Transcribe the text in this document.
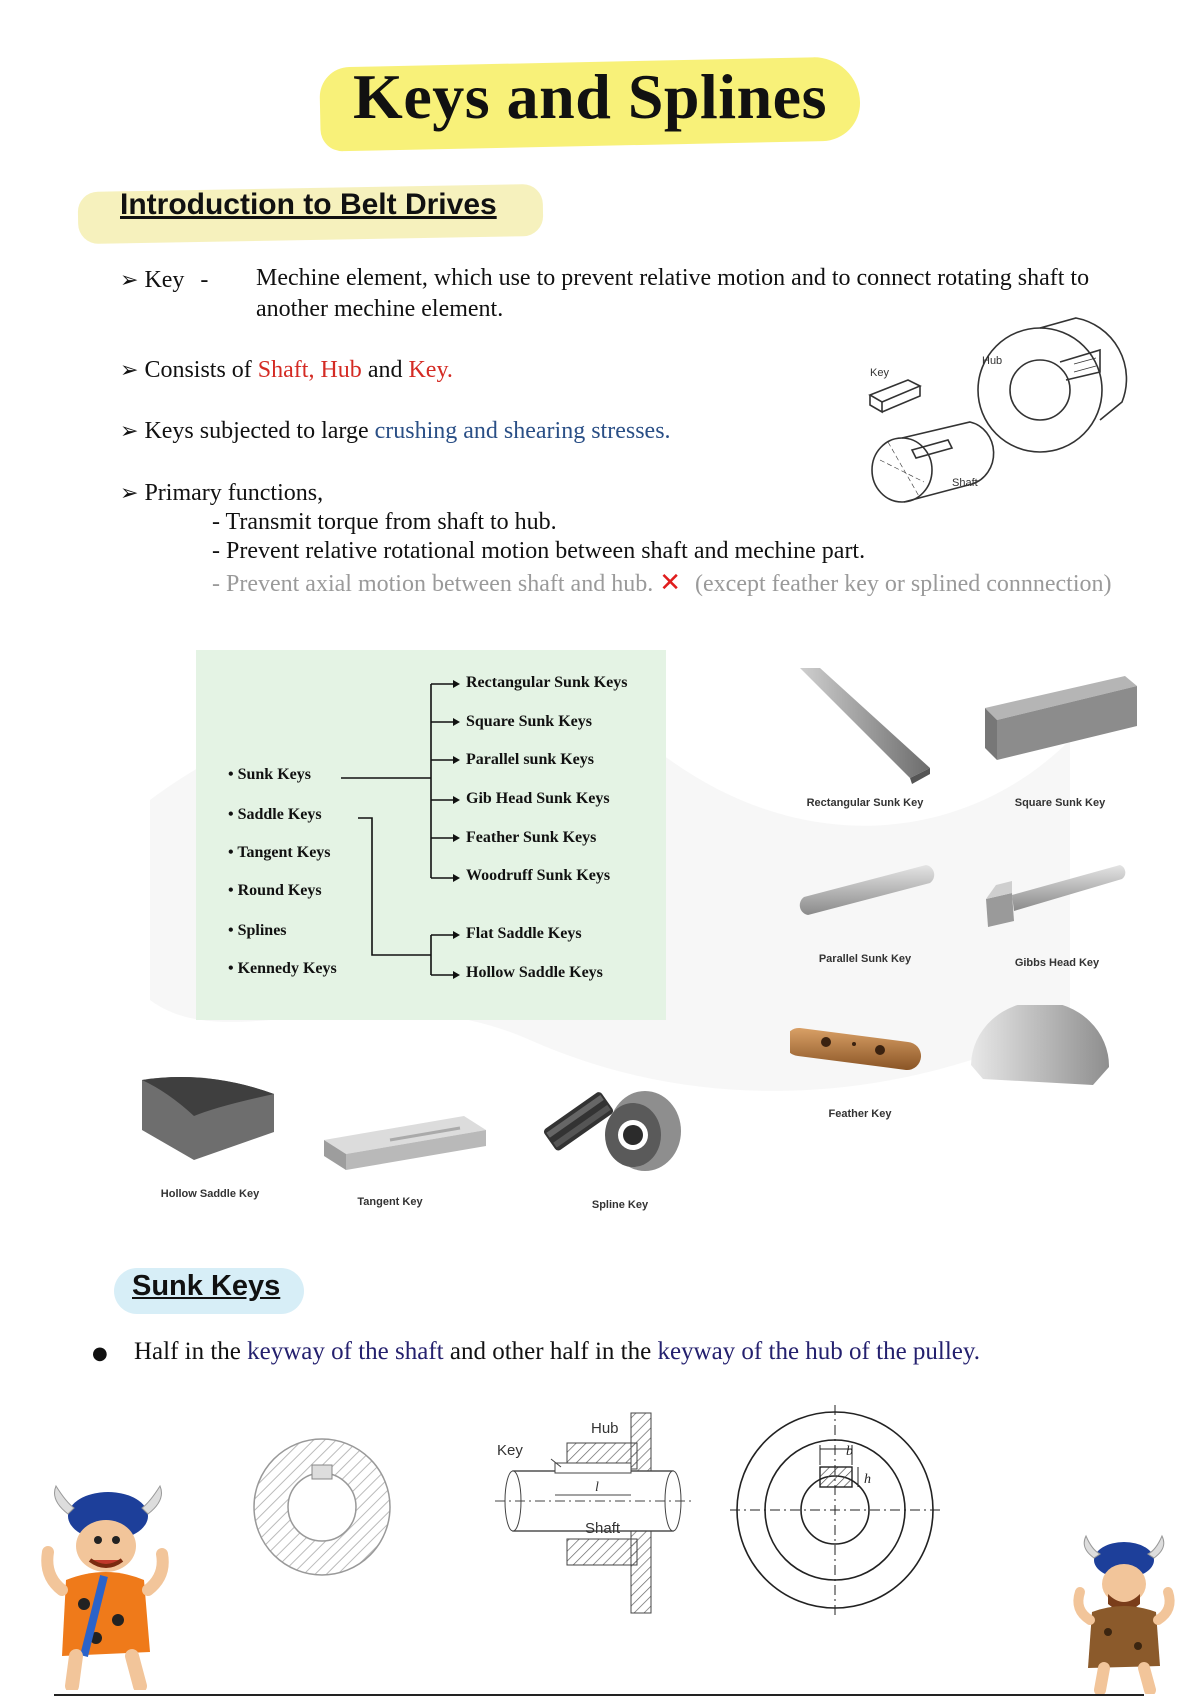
Keys and Splines
Introduction to Belt Drives
➢ Key - Mechine element, which use to prevent relative motion and to connect rotating shaft to
another mechine element.
➢ Consists of Shaft, Hub and Key.
➢ Keys subjected to large crushing and shearing stresses.
➢ Primary functions,
- Transmit torque from shaft to hub.
- Prevent relative rotational motion between shaft and mechine part.
- Prevent axial motion between shaft and hub. ✕ (except feather key or splined connnection)
Hub
Key
Shaft
• Sunk Keys
• Saddle Keys
• Tangent Keys
• Round Keys
• Splines
• Kennedy Keys
Rectangular Sunk Keys
Square Sunk Keys
Parallel sunk Keys
Gib Head Sunk Keys
Feather Sunk Keys
Woodruff Sunk Keys
Flat Saddle Keys
Hollow Saddle Keys
Rectangular Sunk Key	Square Sunk Key
Parallel Sunk Key	Gibbs Head Key
Feather Key
Hollow Saddle Key
Tangent Key	Spline Key
Sunk Keys
● Half in the keyway of the shaft and other half in the keyway of the hub of the pulley.
Key
Hub
Shaft
l
b
h
